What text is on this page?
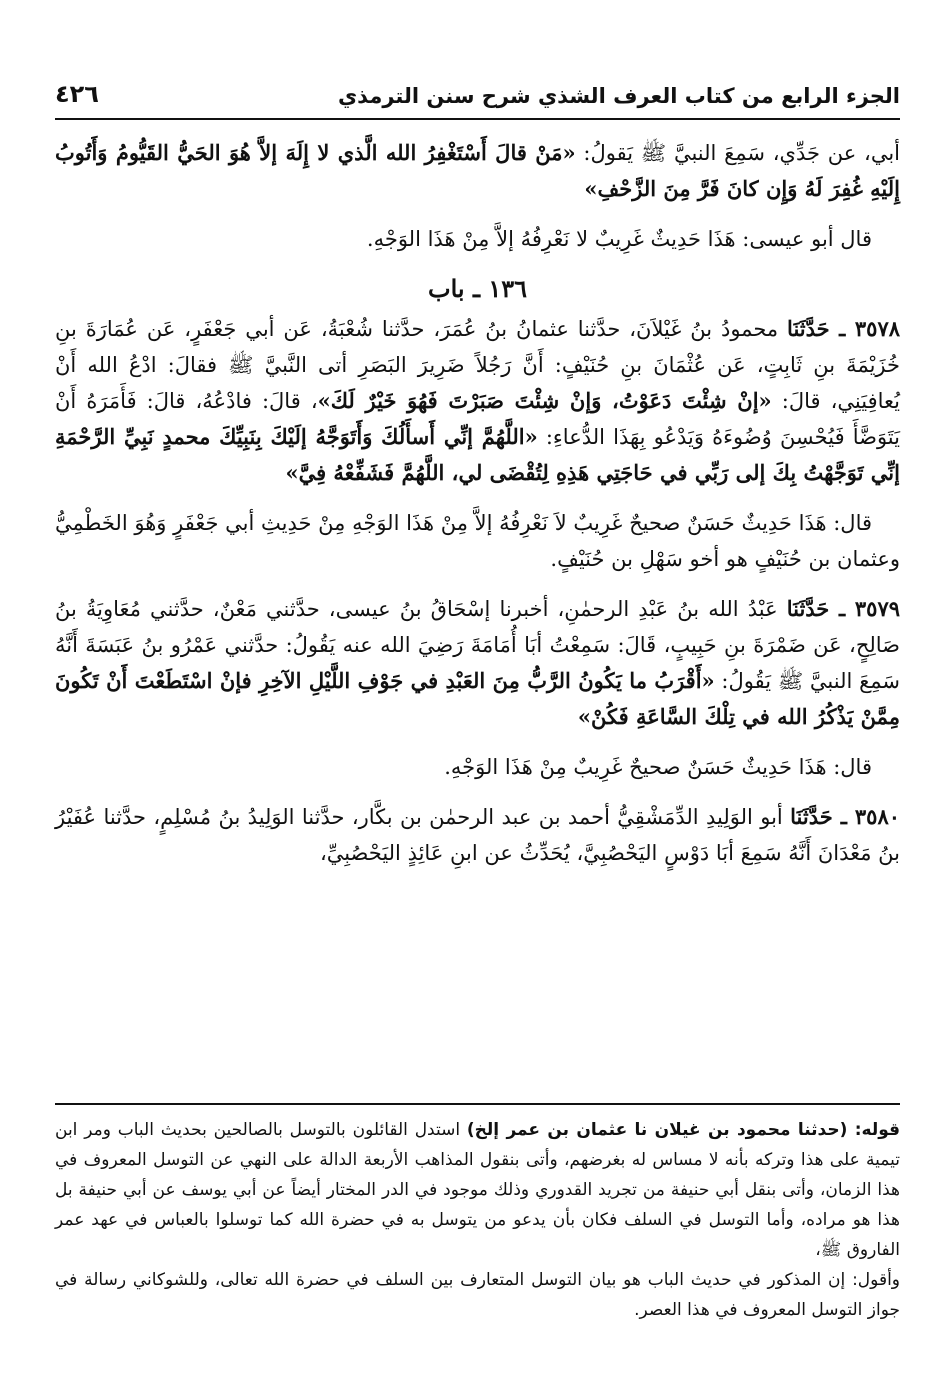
الجزء الرابع من كتاب العرف الشذي شرح سنن الترمذي
٤٢٦

أبي، عن جَدِّي، سَمِعَ النبيَّ ﷺ يَقولُ: «مَنْ قالَ أَسْتَغْفِرُ الله الَّذي لا إِلَهَ إلاَّ هُوَ الحَيُّ القَيُّومُ وَأَتُوبُ إِلَيْهِ غُفِرَ لَهُ وَإِن كانَ فَرَّ مِنَ الزَّحْفِ»

قال أبو عيسى: هَذَا حَدِيثٌ غَرِيبٌ لا نَعْرِفُهُ إلاَّ مِنْ هَذَا الوَجْهِ.

١٣٦ ـ باب

٣٥٧٨ ـ حَدَّثَنَا محمودُ بنُ غَيْلاَنَ، حدَّثنا عثمانُ بنُ عُمَرَ، حدَّثنا شُعْبَةُ، عَن أبي جَعْفَرٍ، عَن عُمَارَةَ بنِ خُزَيْمَةَ بنِ ثَابِتٍ، عَن عُثْمَانَ بنِ حُنَيْفٍ: أَنَّ رَجُلاً ضَرِيرَ البَصَرِ أتى النَّبيَّ ﷺ فقالَ: ادْعُ الله أَنْ يُعافِيَنِي، قالَ: «إنْ شِئْتَ دَعَوْتُ، وَإنْ شِئْتَ صَبَرْتَ فَهُوَ خَيْرٌ لَكَ»، قالَ: فادْعُهُ، قالَ: فَأَمَرَهُ أَنْ يَتَوَضَّأَ فَيُحْسِنَ وُضُوءَهُ وَيَدْعُو بِهَذَا الدُّعاءِ: «اللَّهُمَّ إنِّي أَسأَلُكَ وَأَتَوَجَّهُ إلَيْكَ بِنَبِيِّكَ محمدٍ نَبِيِّ الرَّحْمَةِ إنِّي تَوَجَّهْتُ بِكَ إلى رَبِّي في حَاجَتِي هَذِهِ لِتُقْضَى لي، اللَّهُمَّ فَشَفِّعْهُ فِيَّ»

قال: هَذَا حَدِيثٌ حَسَنٌ صحيحٌ غَرِيبٌ لاَ نَعْرِفُهُ إلاَّ مِنْ هَذَا الوَجْهِ مِنْ حَدِيثِ أبي جَعْفَرٍ وَهُوَ الخَطْمِيُّ وعثمان بن حُنَيْفٍ هو أخو سَهْلِ بن حُنَيْفٍ.

٣٥٧٩ ـ حَدَّثَنَا عَبْدُ الله بنُ عَبْدِ الرحمٰنِ، أخبرنا إسْحَاقُ بنُ عيسى، حدَّثني مَعْنٌ، حدَّثني مُعَاوِيَةُ بنُ صَالِحٍ، عَن ضَمْرَةَ بنِ حَبِيبٍ، قَالَ: سَمِعْتُ أبَا أُمَامَةَ رَضِيَ الله عنه يَقُولُ: حدَّثني عَمْرُو بنُ عَبَسَةَ أَنَّهُ سَمِعَ النبيَّ ﷺ يَقُولُ: «أَقْرَبُ ما يَكُونُ الرَّبُّ مِنَ العَبْدِ في جَوْفِ اللَّيْلِ الآخِرِ فإنْ اسْتَطَعْتَ أَنْ تَكُونَ مِمَّنْ يَذْكُرُ الله في تِلْكَ السَّاعَةِ فَكُنْ»

قال: هَذَا حَدِيثٌ حَسَنٌ صحيحٌ غَرِيبٌ مِنْ هَذَا الوَجْهِ.

٣٥٨٠ ـ حَدَّثَنَا أبو الوَلِيدِ الدِّمَشْقِيُّ أحمد بن عبد الرحمٰن بن بكَّار، حدَّثنا الوَلِيدُ بنُ مُسْلِمٍ، حدَّثنا عُفَيْرُ بنُ مَعْدَانَ أَنَّهُ سَمِعَ أبَا دَوْسٍ اليَحْصُبِيَّ، يُحَدِّثُ عن ابنِ عَائِذٍ اليَحْصُبِيِّ،

قوله: (حدثنا محمود بن غيلان نا عثمان بن عمر إلخ) استدل القائلون بالتوسل بالصالحين بحديث الباب ومر ابن تيمية على هذا وتركه بأنه لا مساس له بغرضهم، وأتى بنقول المذاهب الأربعة الدالة على النهي عن التوسل المعروف في هذا الزمان، وأتى بنقل أبي حنيفة من تجريد القدوري وذلك موجود في الدر المختار أيضاً عن أبي يوسف عن أبي حنيفة بل هذا هو مراده، وأما التوسل في السلف فكان بأن يدعو من يتوسل به في حضرة الله كما توسلوا بالعباس في عهد عمر الفاروق ﷺ،

وأقول: إن المذكور في حديث الباب هو بيان التوسل المتعارف بين السلف في حضرة الله تعالى، وللشوكاني رسالة في جواز التوسل المعروف في هذا العصر.
